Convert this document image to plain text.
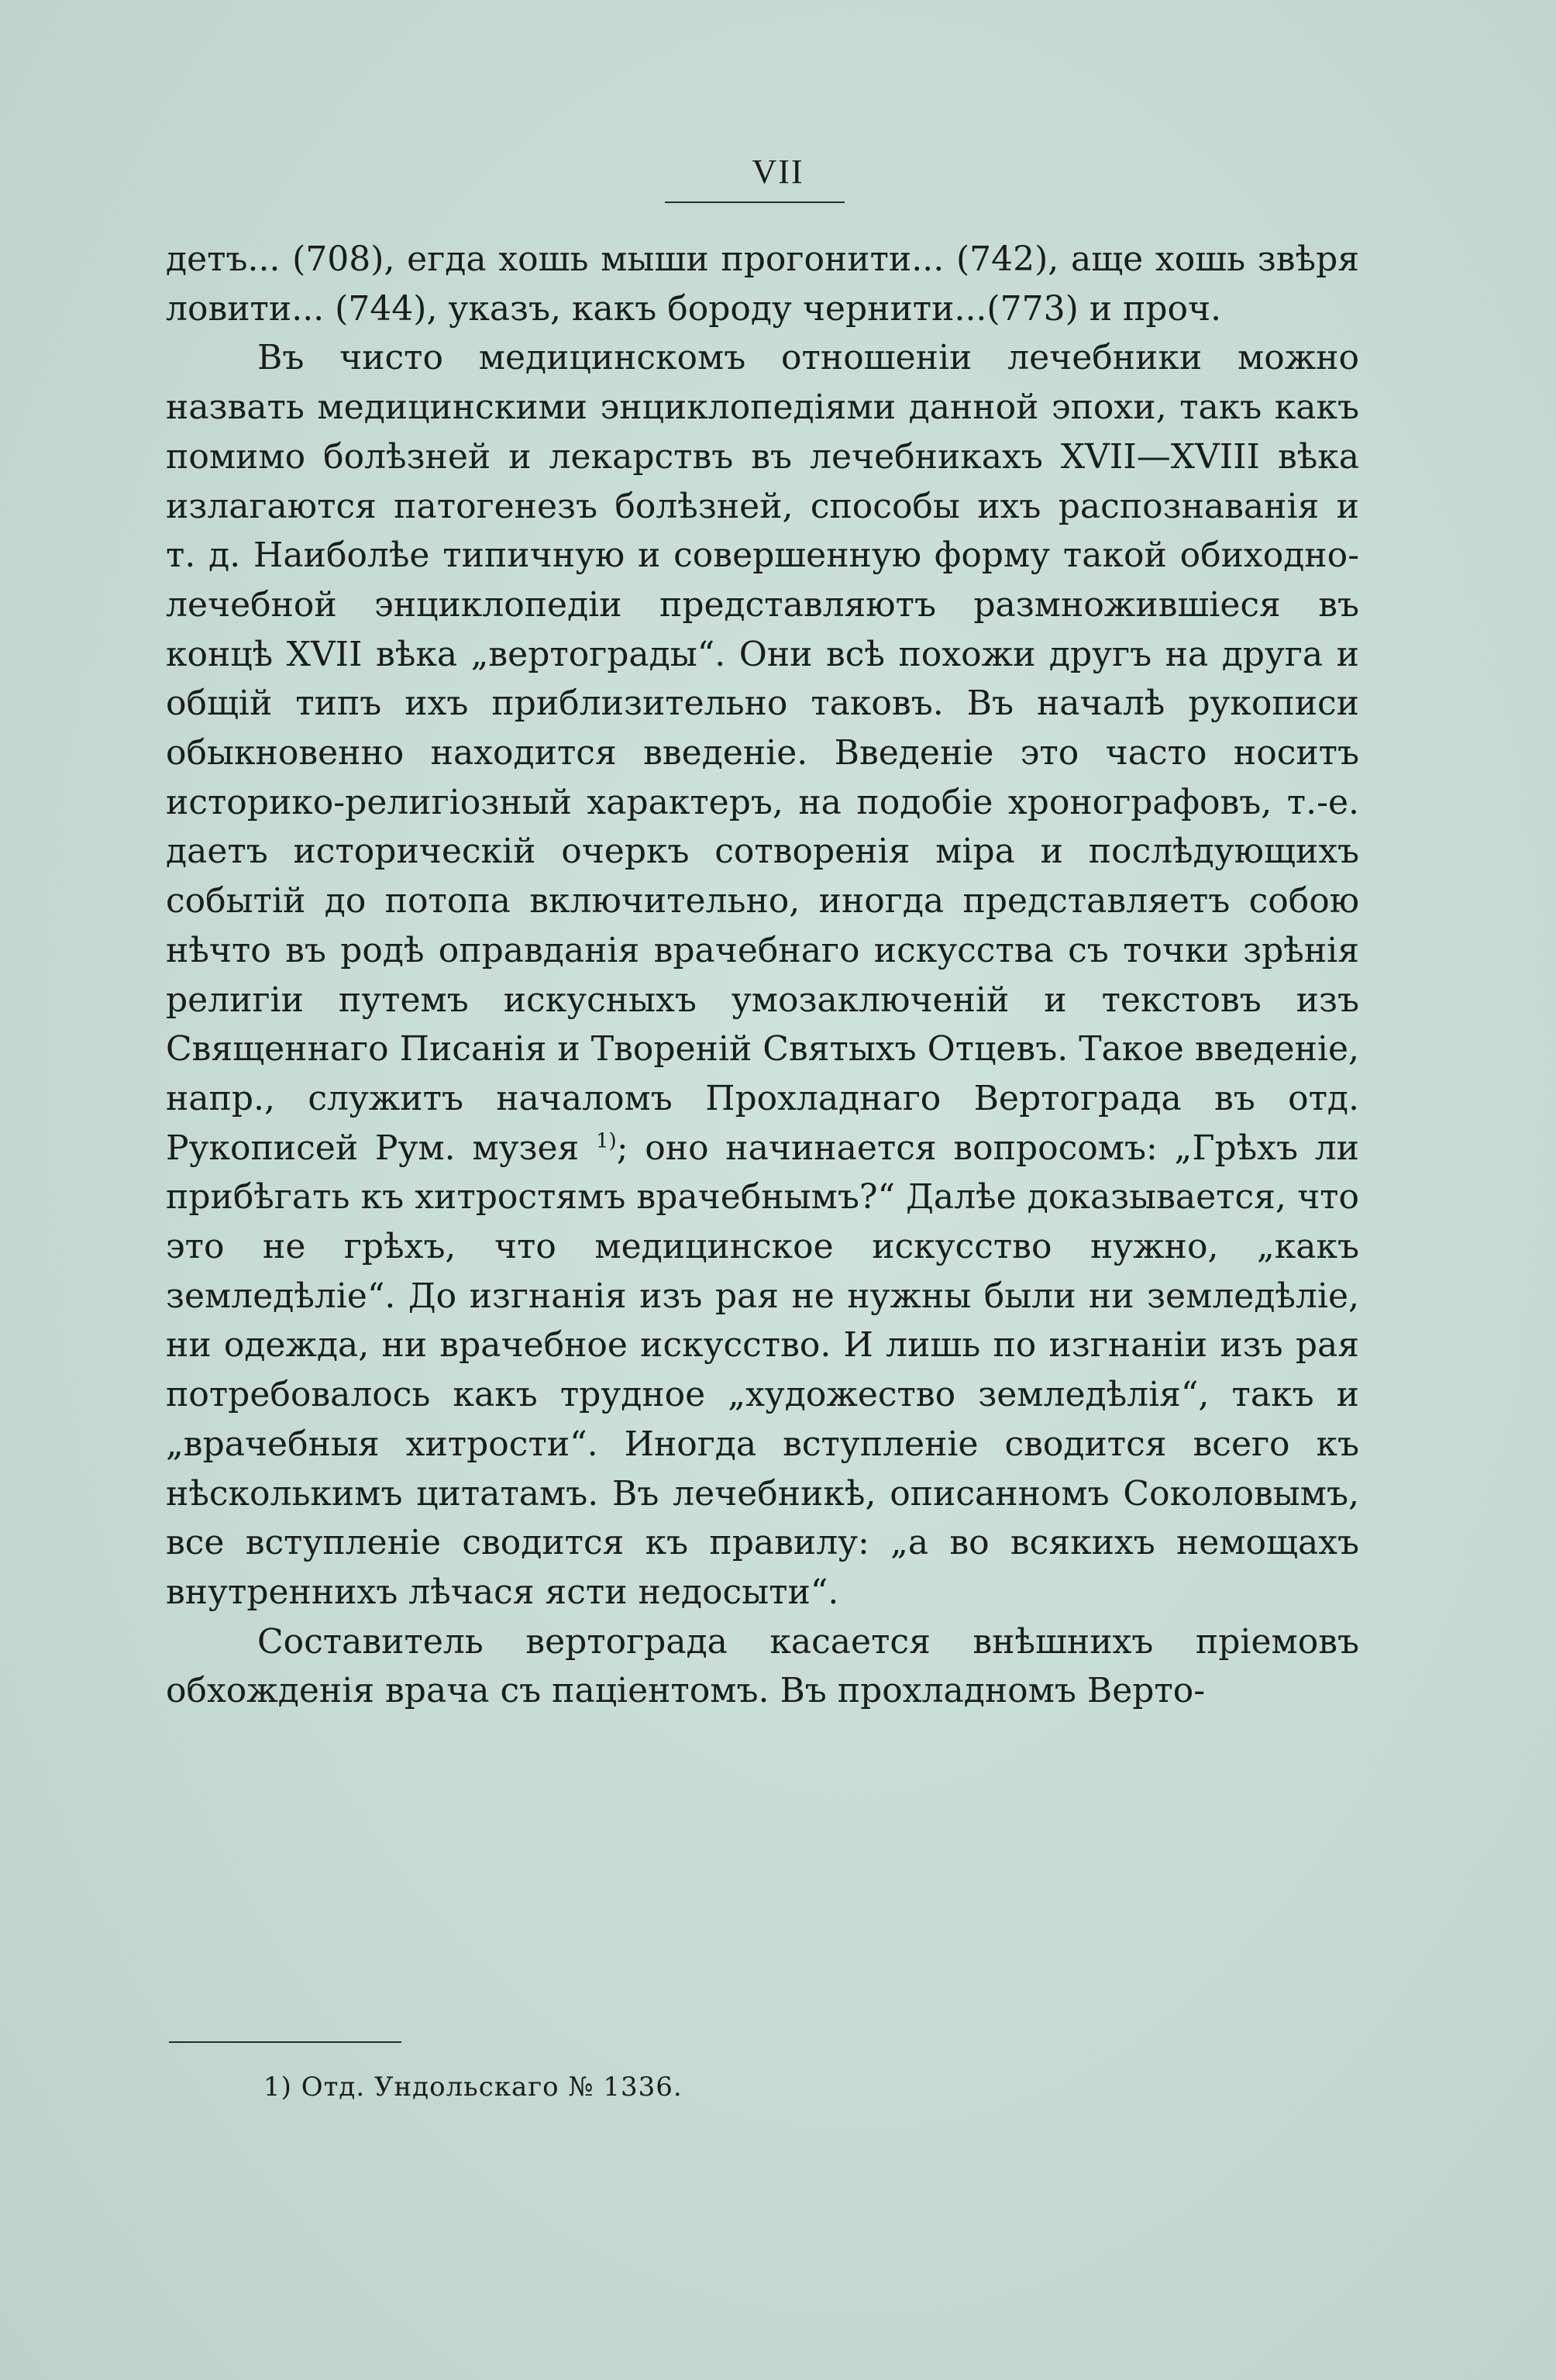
VII

детъ... (708), егда хошь мыши прогонити... (742), аще хошь звѣря ловити... (744), указъ, какъ бороду чернити...(773) и проч.

Въ чисто медицинскомъ отношеніи лечебники можно назвать медицинскими энциклопедіями данной эпохи, такъ какъ помимо болѣзней и лекарствъ въ лечебникахъ XVII—XVIII вѣка излагаются патогенезъ болѣзней, способы ихъ распознаванія и т. д. Наиболѣе типичную и совершенную форму такой обиходно-лечебной энциклопедіи представляютъ размножившіеся въ концѣ XVII вѣка „вертограды“. Они всѣ похожи другъ на друга и общій типъ ихъ приблизительно таковъ. Въ началѣ рукописи обыкновенно находится введеніе. Введеніе это часто носитъ историко-религіозный характеръ, на подобіе хронографовъ, т.-е. даетъ историческій очеркъ сотворенія міра и послѣдующихъ событій до потопа включительно, иногда представляетъ собою нѣчто въ родѣ оправданія врачебнаго искусства съ точки зрѣнія религіи путемъ искусныхъ умозаключеній и текстовъ изъ Священнаго Писанія и Твореній Святыхъ Отцевъ. Такое введеніе, напр., служитъ началомъ Прохладнаго Вертограда въ отд. Рукописей Рум. музея $^{1)}$; оно начинается вопросомъ: „Грѣхъ ли прибѣгать къ хитростямъ врачебнымъ?“ Далѣе доказывается, что это не грѣхъ, что медицинское искусство нужно, „какъ земледѣліе“. До изгнанія изъ рая не нужны были ни земледѣліе, ни одежда, ни врачебное искусство. И лишь по изгнаніи изъ рая потребовалось какъ трудное „художество земледѣлія“, такъ и „врачебныя хитрости“. Иногда вступленіе сводится всего къ нѣсколькимъ цитатамъ. Въ лечебникѣ, описанномъ Соколовымъ, все вступленіе сводится къ правилу: „а во всякихъ немощахъ внутреннихъ лѣчася ясти недосыти“.

Составитель вертограда касается внѣшнихъ пріемовъ обхожденія врача съ паціентомъ. Въ прохладномъ Верто-

1) Отд. Ундольскаго № 1336.
